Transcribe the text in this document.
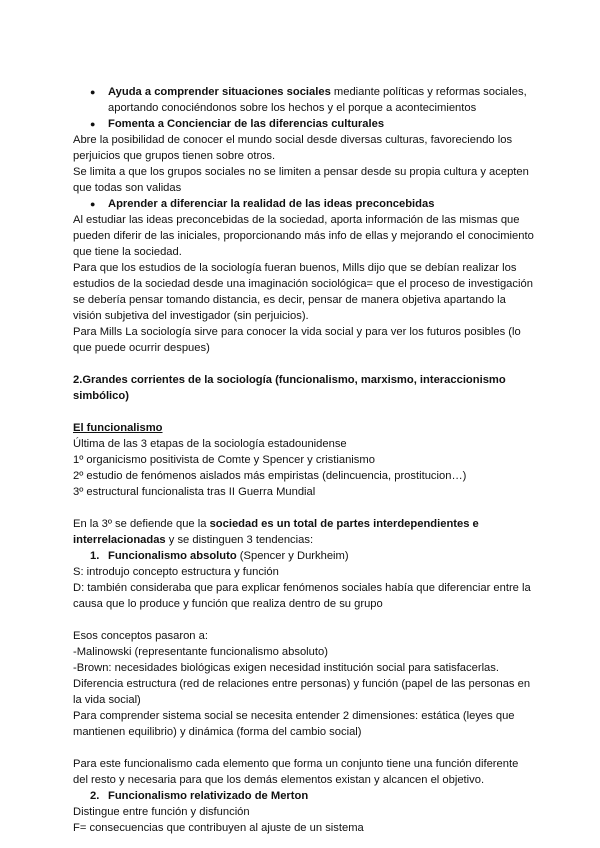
● Ayuda a comprender situaciones sociales mediante políticas y reformas sociales, aportando conociéndonos sobre los hechos y el porque a acontecimientos

● Fomenta a Concienciar de las diferencias culturales

Abre la posibilidad de conocer el mundo social desde diversas culturas, favoreciendo los perjuicios que grupos tienen sobre otros.

Se limita a que los grupos sociales no se limiten a pensar desde su propia cultura y acepten que todas son validas

● Aprender a diferenciar la realidad de las ideas preconcebidas

Al estudiar las ideas preconcebidas de la sociedad, aporta información de las mismas que pueden diferir de las iniciales, proporcionando más info de ellas y mejorando el conocimiento que tiene la sociedad.

Para que los estudios de la sociología fueran buenos, Mills dijo que se debían realizar los estudios de la sociedad desde una imaginación sociológica= que el proceso de investigación se debería pensar tomando distancia, es decir, pensar de manera objetiva apartando la visión subjetiva del investigador (sin perjuicios).

Para Mills La sociología sirve para conocer la vida social y para ver los futuros posibles (lo que puede ocurrir despues)

2.Grandes corrientes de la sociología (funcionalismo, marxismo, interaccionismo simbólico)

El funcionalismo

Última de las 3 etapas de la sociología estadounidense

1º organicismo positivista de Comte y Spencer y cristianismo

2º estudio de fenómenos aislados más empiristas (delincuencia, prostitucion…)

3º estructural funcionalista tras II Guerra Mundial

En la 3º se defiende que la sociedad es un total de partes interdependientes e interrelacionadas y se distinguen 3 tendencias:

1. Funcionalismo absoluto (Spencer y Durkheim)

S: introdujo concepto estructura y función

D: también consideraba que para explicar fenómenos sociales había que diferenciar entre la causa que lo produce y función que realiza dentro de su grupo

Esos conceptos pasaron a:

-Malinowski (representante funcionalismo absoluto)

-Brown: necesidades biológicas exigen necesidad institución social para satisfacerlas.

Diferencia estructura (red de relaciones entre personas) y función (papel de las personas en la vida social)

Para comprender sistema social se necesita entender 2 dimensiones: estática (leyes que mantienen equilibrio) y dinámica (forma del cambio social)

Para este funcionalismo cada elemento que forma un conjunto tiene una función diferente del resto y necesaria para que los demás elementos existan y alcancen el objetivo.

2. Funcionalismo relativizado de Merton

Distingue entre función y disfunción

F= consecuencias que contribuyen al ajuste de un sistema
